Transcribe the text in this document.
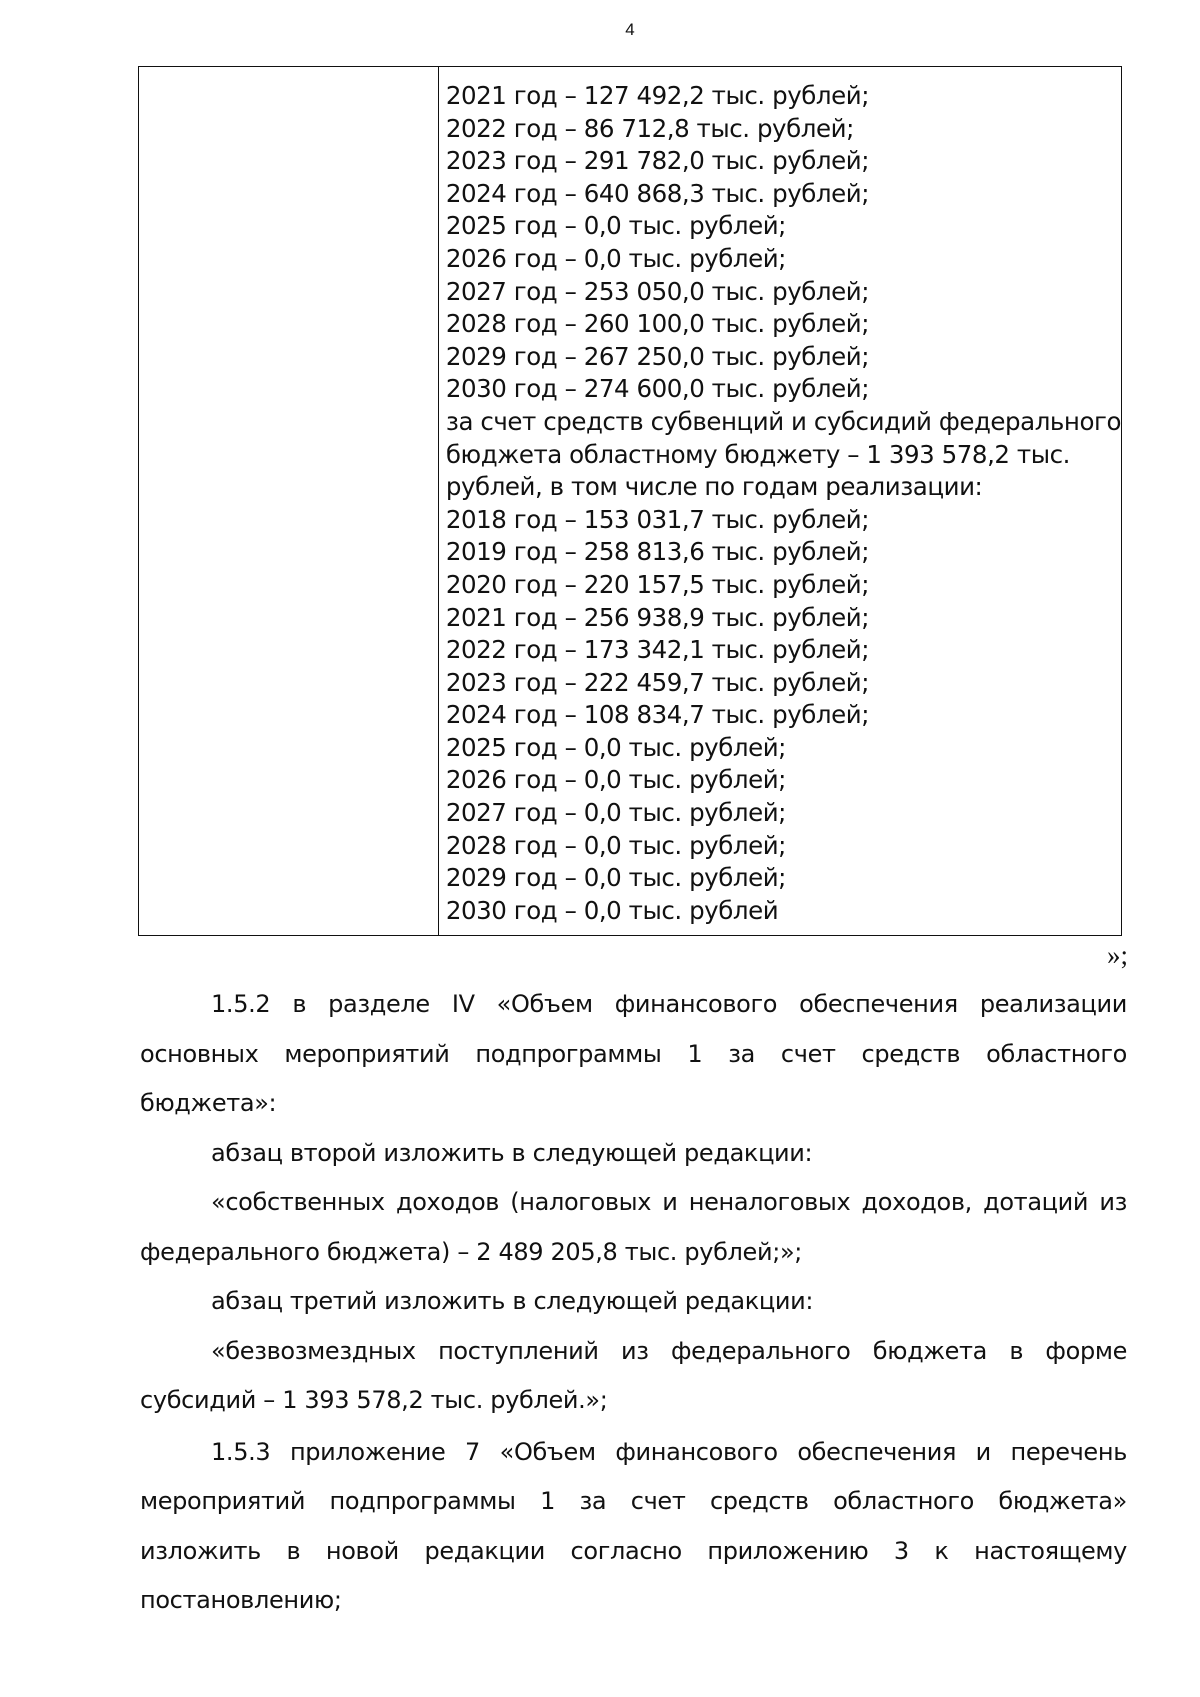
4
2021 год – 127 492,2 тыс. рублей;
2022 год – 86 712,8 тыс. рублей;
2023 год – 291 782,0 тыс. рублей;
2024 год – 640 868,3 тыс. рублей;
2025 год – 0,0 тыс. рублей;
2026 год – 0,0 тыс. рублей;
2027 год – 253 050,0 тыс. рублей;
2028 год – 260 100,0 тыс. рублей;
2029 год – 267 250,0 тыс. рублей;
2030 год – 274 600,0 тыс. рублей;
за счет средств субвенций и субсидий федерального
бюджета областному бюджету – 1 393 578,2 тыс.
рублей, в том числе по годам реализации:
2018 год – 153 031,7 тыс. рублей;
2019 год – 258 813,6 тыс. рублей;
2020 год – 220 157,5 тыс. рублей;
2021 год – 256 938,9 тыс. рублей;
2022 год – 173 342,1 тыс. рублей;
2023 год – 222 459,7 тыс. рублей;
2024 год – 108 834,7 тыс. рублей;
2025 год – 0,0 тыс. рублей;
2026 год – 0,0 тыс. рублей;
2027 год – 0,0 тыс. рублей;
2028 год – 0,0 тыс. рублей;
2029 год – 0,0 тыс. рублей;
2030 год – 0,0 тыс. рублей
»;

1.5.2 в разделе IV «Объем финансового обеспечения реализации основных мероприятий подпрограммы 1 за счет средств областного бюджета»:

абзац второй изложить в следующей редакции:

«собственных доходов (налоговых и неналоговых доходов, дотаций из федерального бюджета) – 2 489 205,8 тыс. рублей;»;

абзац третий изложить в следующей редакции:

«безвозмездных поступлений из федерального бюджета в форме

субсидий – 1 393 578,2 тыс. рублей.»;

1.5.3 приложение 7 «Объем финансового обеспечения и перечень мероприятий подпрограммы 1 за счет средств областного бюджета» изложить в новой редакции согласно приложению 3 к настоящему постановлению;
